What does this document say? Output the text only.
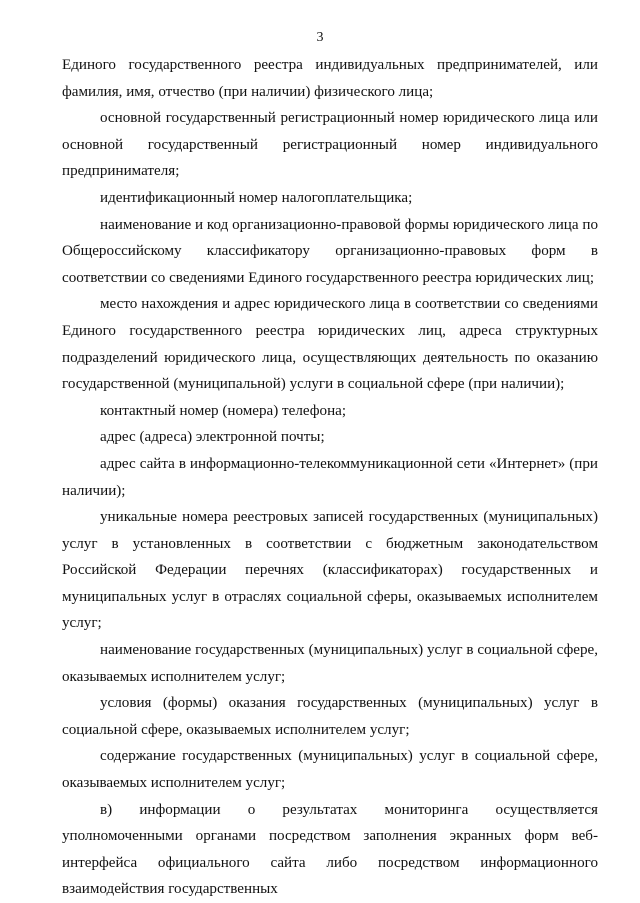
3

Единого государственного реестра индивидуальных предпринимателей, или фамилия, имя, отчество (при наличии) физического лица;

основной государственный регистрационный номер юридического лица или основной государственный регистрационный номер индивидуального предпринимателя;

идентификационный номер налогоплательщика;

наименование и код организационно-правовой формы юридического лица по Общероссийскому классификатору организационно-правовых форм в соответствии со сведениями Единого государственного реестра юридических лиц;

место нахождения и адрес юридического лица в соответствии со сведениями Единого государственного реестра юридических лиц, адреса структурных подразделений юридического лица, осуществляющих деятельность по оказанию государственной (муниципальной) услуги в социальной сфере (при наличии);

контактный номер (номера) телефона;

адрес (адреса) электронной почты;

адрес сайта в информационно-телекоммуникационной сети «Интернет» (при наличии);

уникальные номера реестровых записей государственных (муниципальных) услуг в установленных в соответствии с бюджетным законодательством Российской Федерации перечнях (классификаторах) государственных и муниципальных услуг в отраслях социальной сферы, оказываемых исполнителем услуг;

наименование государственных (муниципальных) услуг в социальной сфере, оказываемых исполнителем услуг;

условия (формы) оказания государственных (муниципальных) услуг в социальной сфере, оказываемых исполнителем услуг;

содержание государственных (муниципальных) услуг в социальной сфере, оказываемых исполнителем услуг;

в) информации о результатах мониторинга осуществляется уполномоченными органами посредством заполнения экранных форм веб-интерфейса официального сайта либо посредством информационного взаимодействия государственных
